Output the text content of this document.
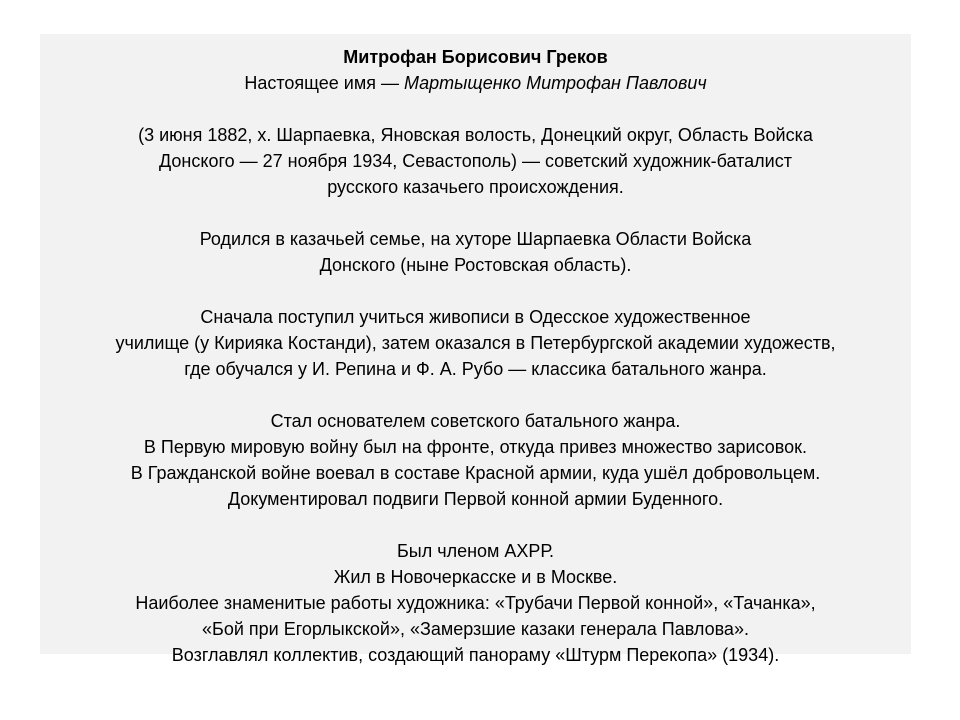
Митрофан Борисович Греков
Настоящее имя — Мартыщенко Митрофан Павлович
(3 июня 1882, х. Шарпаевка, Яновская волость, Донецкий округ, Область Войска
Донского — 27 ноября 1934, Севастополь) — советский художник-баталист
русского казачьего происхождения.
Родился в казачьей семье, на хуторе Шарпаевка Области Войска
Донского (ныне Ростовская область).
Сначала поступил учиться живописи в Одесское художественное
училище (у Кирияка Костанди), затем оказался в Петербургской академии художеств,
где обучался у И. Репина и Ф. А. Рубо — классика батального жанра.
Стал основателем советского батального жанра.
В Первую мировую войну был на фронте, откуда привез множество зарисовок.
В Гражданской войне воевал в составе Красной армии, куда ушёл добровольцем.
Документировал подвиги Первой конной армии Буденного.
Был членом АХРР.
Жил в Новочеркасске и в Москве.
Наиболее знаменитые работы художника: «Трубачи Первой конной», «Тачанка»,
«Бой при Егорлыкской», «Замерзшие казаки генерала Павлова».
Возглавлял коллектив, создающий панораму «Штурм Перекопа» (1934).
